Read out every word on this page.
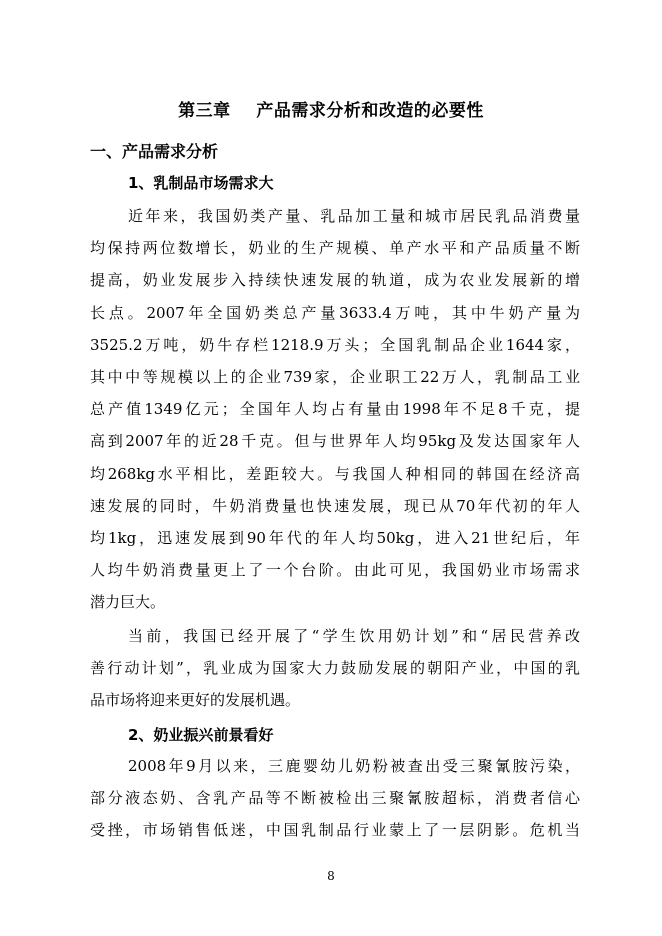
第三章    产品需求分析和改造的必要性
一、产品需求分析
1、乳制品市场需求大
近年来，我国奶类产量、乳品加工量和城市居民乳品消费量
均保持两位数增长，奶业的生产规模、单产水平和产品质量不断
提高，奶业发展步入持续快速发展的轨道，成为农业发展新的增
长点。2007年全国奶类总产量3633.4万吨，其中牛奶产量为
3525.2万吨，奶牛存栏1218.9万头；全国乳制品企业1644家，
其中中等规模以上的企业739家，企业职工22万人，乳制品工业
总产值1349亿元；全国年人均占有量由1998年不足8千克，提
高到2007年的近28千克。但与世界年人均95kg及发达国家年人
均268kg水平相比，差距较大。与我国人种相同的韩国在经济高
速发展的同时，牛奶消费量也快速发展，现已从70年代初的年人
均1kg，迅速发展到90年代的年人均50kg，进入21世纪后，年
人均牛奶消费量更上了一个台阶。由此可见，我国奶业市场需求
潜力巨大。
当前，我国已经开展了“学生饮用奶计划”和“居民营养改
善行动计划”，乳业成为国家大力鼓励发展的朝阳产业，中国的乳
品市场将迎来更好的发展机遇。
2、奶业振兴前景看好
2008年9月以来，三鹿婴幼儿奶粉被查出受三聚氰胺污染，
部分液态奶、含乳产品等不断被检出三聚氰胺超标，消费者信心
受挫，市场销售低迷，中国乳制品行业蒙上了一层阴影。危机当
8
